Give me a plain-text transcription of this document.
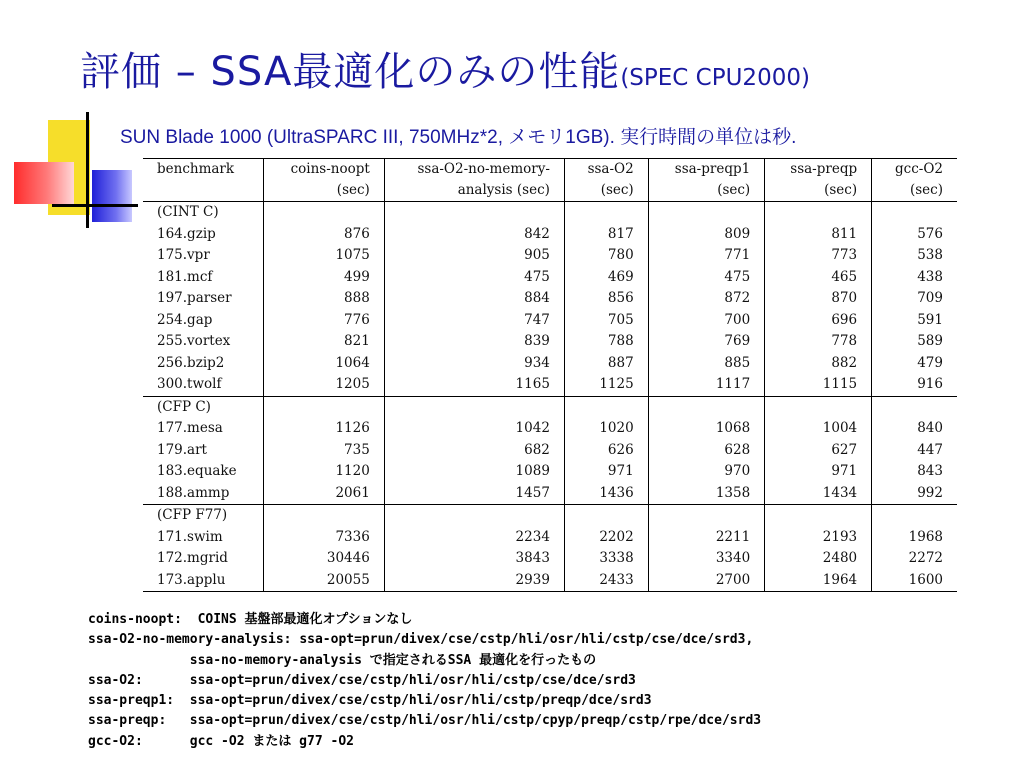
評価 – SSA最適化のみの性能(SPEC CPU2000)
SUN Blade 1000 (UltraSPARC III, 750MHz*2, メモリ1GB). 実行時間の単位は秒.
benchmark	coins-noopt	ssa-O2-no-memory-	ssa-O2	ssa-preqp1	ssa-preqp	gcc-O2
	(sec)	analysis (sec)	(sec)	(sec)	(sec)	(sec)
(CINT C)						
164.gzip	876	842	817	809	811	576
175.vpr	1075	905	780	771	773	538
181.mcf	499	475	469	475	465	438
197.parser	888	884	856	872	870	709
254.gap	776	747	705	700	696	591
255.vortex	821	839	788	769	778	589
256.bzip2	1064	934	887	885	882	479
300.twolf	1205	1165	1125	1117	1115	916
(CFP C)						
177.mesa	1126	1042	1020	1068	1004	840
179.art	735	682	626	628	627	447
183.equake	1120	1089	971	970	971	843
188.ammp	2061	1457	1436	1358	1434	992
(CFP F77)						
171.swim	7336	2234	2202	2211	2193	1968
172.mgrid	30446	3843	3338	3340	2480	2272
173.applu	20055	2939	2433	2700	1964	1600
coins-noopt:  COINS 基盤部最適化オプションなし
ssa-O2-no-memory-analysis: ssa-opt=prun/divex/cse/cstp/hli/osr/hli/cstp/cse/dce/srd3,
ssa-no-memory-analysis で指定されるSSA 最適化を行ったもの
ssa-O2:      ssa-opt=prun/divex/cse/cstp/hli/osr/hli/cstp/cse/dce/srd3
ssa-preqp1:  ssa-opt=prun/divex/cse/cstp/hli/osr/hli/cstp/preqp/dce/srd3
ssa-preqp:   ssa-opt=prun/divex/cse/cstp/hli/osr/hli/cstp/cpyp/preqp/cstp/rpe/dce/srd3
gcc-O2:      gcc -O2 または g77 -O2
